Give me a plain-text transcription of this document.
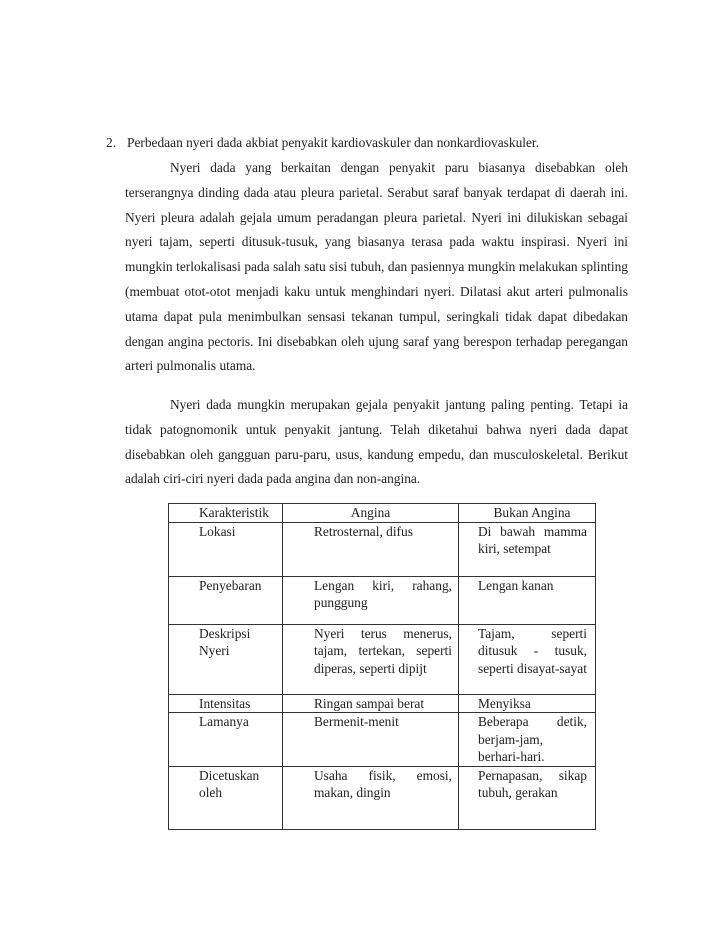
2. Perbedaan nyeri dada akbiat penyakit kardiovaskuler dan nonkardiovaskuler.

Nyeri dada yang berkaitan dengan penyakit paru biasanya disebabkan oleh terserangnya dinding dada atau pleura parietal. Serabut saraf banyak terdapat di daerah ini. Nyeri pleura adalah gejala umum peradangan pleura parietal. Nyeri ini dilukiskan sebagai nyeri tajam, seperti ditusuk-tusuk, yang biasanya terasa pada waktu inspirasi. Nyeri ini mungkin terlokalisasi pada salah satu sisi tubuh, dan pasiennya mungkin melakukan splinting (membuat otot-otot menjadi kaku untuk menghindari nyeri. Dilatasi akut arteri pulmonalis utama dapat pula menimbulkan sensasi tekanan tumpul, seringkali tidak dapat dibedakan dengan angina pectoris. Ini disebabkan oleh ujung saraf yang berespon terhadap peregangan arteri pulmonalis utama.

Nyeri dada mungkin merupakan gejala penyakit jantung paling penting. Tetapi ia tidak patognomonik untuk penyakit jantung. Telah diketahui bahwa nyeri dada dapat disebabkan oleh gangguan paru-paru, usus, kandung empedu, dan musculoskeletal. Berikut adalah ciri-ciri nyeri dada pada angina dan non-angina.

Karakteristik	Angina	Bukan Angina
Lokasi	Retrosternal, difus	Di bawah mamma kiri, setempat
Penyebaran	Lengan kiri, rahang, punggung	Lengan kanan
Deskripsi Nyeri	Nyeri terus menerus, tajam, tertekan, seperti diperas, seperti dipijt	Tajam, seperti ditusuk - tusuk, seperti disayat-sayat
Intensitas	Ringan sampai berat	Menyiksa
Lamanya	Bermenit-menit	Beberapa detik, berjam-jam, berhari-hari.
Dicetuskan oleh	Usaha fisik, emosi, makan, dingin	Pernapasan, sikap tubuh, gerakan
